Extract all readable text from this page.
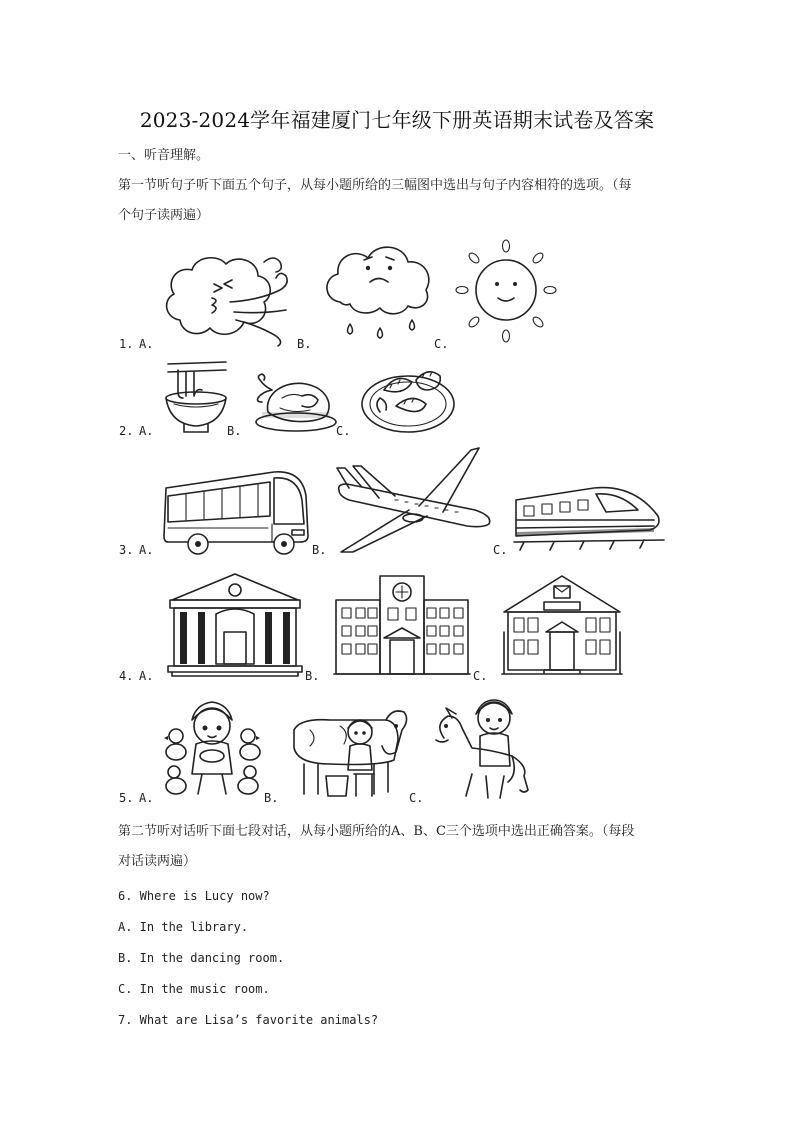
2023-2024学年福建厦门七年级下册英语期末试卷及答案
一、听音理解。
第一节听句子听下面五个句子，从每小题所给的三幅图中选出与句子内容相符的选项。（每
个句子读两遍）
1. A.	B.	C.
2. A.	B.	C.
3. A.	B.	C.
4. A.	B.	C.
5. A.	B.	C.
第二节听对话听下面七段对话，从每小题所给的A、B、C三个选项中选出正确答案。（每段
对话读两遍）
6. Where is Lucy now?
A. In the library.
B. In the dancing room.
C. In the music room.
7. What are Lisa’s favorite animals?
